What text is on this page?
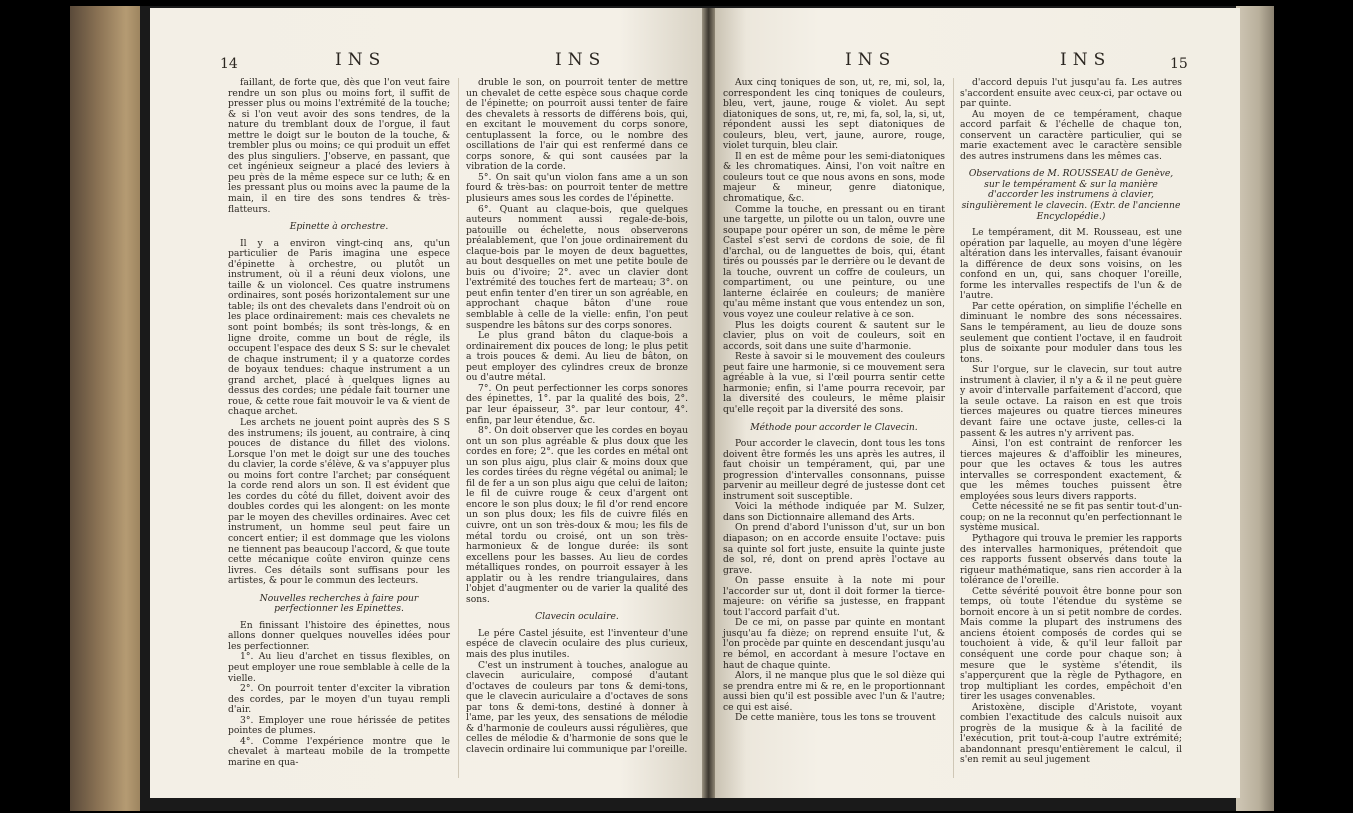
14	INS	INS

faillant, de forte que, dès que l'on veut faire rendre un son plus ou moins fort, il suffit de presser plus ou moins l'extrémité de la touche; & si l'on veut avoir des sons tendres, de la nature du tremblant doux de l'orgue, il faut mettre le doigt sur le bouton de la touche, & trembler plus ou moins; ce qui produit un effet des plus singuliers. J'observe, en passant, que cet ingénieux seigneur a placé des leviers à peu près de la même espece sur ce luth; & en les pressant plus ou moins avec la paume de la main, il en tire des sons tendres & très-flatteurs.

Epinette à orchestre.

Il y a environ vingt-cinq ans, qu'un particulier de Paris imagina une espece d'épinette à orchestre, ou plutôt un instrument, où il a réuni deux violons, une taille & un violoncel. Ces quatre instrumens ordinaires, sont posés horizontalement sur une table; ils ont des chevalets dans l'endroit où on les place ordinairement: mais ces chevalets ne sont point bombés; ils sont très-longs, & en ligne droite, comme un bout de régle, ils occupent l'espace des deux S S: sur le chevalet de chaque instrument; il y a quatorze cordes de boyaux tendues: chaque instrument a un grand archet, placé à quelques lignes au dessus des cordes; une pédale fait tourner une roue, & cette roue fait mouvoir le va & vient de chaque archet.

Les archets ne jouent point auprès des S S des instrumens; ils jouent, au contraire, à cinq pouces de distance du fillet des violons. Lorsque l'on met le doigt sur une des touches du clavier, la corde s'élève, & va s'appuyer plus ou moins fort contre l'archet; par conséquent la corde rend alors un son. Il est évident que les cordes du côté du fillet, doivent avoir des doubles cordes qui les alongent: on les monte par le moyen des chevilles ordinaires. Avec cet instrument, un homme seul peut faire un concert entier; il est dommage que les violons ne tiennent pas beaucoup l'accord, & que toute cette mécanique coûte environ quinze cens livres. Ces détails sont suffisans pour les artistes, & pour le commun des lecteurs.

Nouvelles recherches à faire pour perfectionner les Epinettes.

En finissant l'histoire des épinettes, nous allons donner quelques nouvelles idées pour les perfectionner.

1°. Au lieu d'archet en tissus flexibles, on peut employer une roue semblable à celle de la vielle.

2°. On pourroit tenter d'exciter la vibration des cordes, par le moyen d'un tuyau rempli d'air.

3°. Employer une roue hérissée de petites pointes de plumes.

4°. Comme l'expérience montre que le chevalet à marteau mobile de la trompette marine en qua-

druble le son, on pourroit tenter de mettre un chevalet de cette espèce sous chaque corde de l'épinette; on pourroit aussi tenter de faire des chevalets à ressorts de différens bois, qui, en excitant le mouvement du corps sonore, centuplassent la force, ou le nombre des oscillations de l'air qui est renfermé dans ce corps sonore, & qui sont causées par la vibration de la corde.

5°. On sait qu'un violon fans ame a un son fourd & très-bas: on pourroit tenter de mettre plusieurs ames sous les cordes de l'épinette.

6°. Quant au claque-bois, que quelques auteurs nomment aussi regale-de-bois, patouille ou échelette, nous observerons préalablement, que l'on joue ordinairement du claque-bois par le moyen de deux baguettes, au bout desquelles on met une petite boule de buis ou d'ivoire; 2°. avec un clavier dont l'extrémité des touches fert de marteau; 3°. on peut enfin tenter d'en tirer un son agréable, en approchant chaque bâton d'une roue semblable à celle de la vielle: enfin, l'on peut suspendre les bâtons sur des corps sonores.

Le plus grand bâton du claque-bois a ordinairement dix pouces de long; le plus petit a trois pouces & demi. Au lieu de bâton, on peut employer des cylindres creux de bronze ou d'autre métal.

7°. On peut perfectionner les corps sonores des épinettes, 1°. par la qualité des bois, 2°. par leur épaisseur, 3°. par leur contour, 4°. enfin, par leur étendue, &c.

8°. On doit observer que les cordes en boyau ont un son plus agréable & plus doux que les cordes en fore; 2°. que les cordes en métal ont un son plus aigu, plus clair & moins doux que les cordes tirées du règne végétal ou animal; le fil de fer a un son plus aigu que celui de laiton; le fil de cuivre rouge & ceux d'argent ont encore le son plus doux; le fil d'or rend encore un son plus doux; les fils de cuivre filés en cuivre, ont un son très-doux & mou; les fils de métal tordu ou croisé, ont un son très-harmonieux & de longue durée: ils sont excellens pour les basses. Au lieu de cordes métalliques rondes, on pourroit essayer à les applatir ou à les rendre triangulaires, dans l'objet d'augmenter ou de varier la qualité des sons.

Clavecin oculaire.

Le pére Castel jésuite, est l'inventeur d'une espéce de clavecin oculaire des plus curieux, mais des plus inutiles.

C'est un instrument à touches, analogue au clavecin auriculaire, composé d'autant d'octaves de couleurs par tons & demi-tons, que le clavecin auriculaire a d'octaves de sons par tons & demi-tons, destiné à donner à l'ame, par les yeux, des sensations de mélodie & d'harmonie de couleurs aussi régulières, que celles de mélodie & d'harmonie de sons que le clavecin ordinaire lui communique par l'oreille.

INS	INS	15

Aux cinq toniques de son, ut, re, mi, sol, la, correspondent les cinq toniques de couleurs, bleu, vert, jaune, rouge & violet. Au sept diatoniques de sons, ut, re, mi, fa, sol, la, si, ut, répondent aussi les sept diatoniques de couleurs, bleu, vert, jaune, aurore, rouge, violet turquin, bleu clair.

Il en est de même pour les semi-diatoniques & les chromatiques. Ainsi, l'on voit naître en couleurs tout ce que nous avons en sons, mode majeur & mineur, genre diatonique, chromatique, &c.

Comme la touche, en pressant ou en tirant une targette, un pilotte ou un talon, ouvre une soupape pour opérer un son, de même le père Castel s'est servi de cordons de soie, de fil d'archal, ou de languettes de bois, qui, étant tirés ou poussés par le derrière ou le devant de la touche, ouvrent un coffre de couleurs, un compartiment, ou une peinture, ou une lanterne éclairée en couleurs; de manière qu'au même instant que vous entendez un son, vous voyez une couleur relative à ce son.

Plus les doigts courent & sautent sur le clavier, plus on voit de couleurs, soit en accords, soit dans une suite d'harmonie.

Reste à savoir si le mouvement des couleurs peut faire une harmonie, si ce mouvement sera agréable à la vue, si l'œil pourra sentir cette harmonie; enfin, si l'ame pourra recevoir, par la diversité des couleurs, le même plaisir qu'elle reçoit par la diversité des sons.

Méthode pour accorder le Clavecin.

Pour accorder le clavecin, dont tous les tons doivent être formés les uns après les autres, il faut choisir un tempérament, qui, par une progression d'intervalles consonnans, puisse parvenir au meilleur degré de justesse dont cet instrument soit susceptible.

Voici la méthode indiquée par M. Sulzer, dans son Dictionnaire allemand des Arts.

On prend d'abord l'unisson d'ut, sur un bon diapason; on en accorde ensuite l'octave: puis sa quinte sol fort juste, ensuite la quinte juste de sol, ré, dont on prend après l'octave au grave.

On passe ensuite à la note mi pour l'accorder sur ut, dont il doit former la tierce-majeure: on vérifie sa justesse, en frappant tout l'accord parfait d'ut.

De ce mi, on passe par quinte en montant jusqu'au fa dièze; on reprend ensuite l'ut, & l'on procède par quinte en descendant jusqu'au re bémol, en accordant à mesure l'octave en haut de chaque quinte.

Alors, il ne manque plus que le sol dièze qui se prendra entre mi & re, en le proportionnant aussi bien qu'il est possible avec l'un & l'autre; ce qui est aisé.

De cette manière, tous les tons se trouvent

d'accord depuis l'ut jusqu'au fa. Les autres s'accordent ensuite avec ceux-ci, par octave ou par quinte.

Au moyen de ce tempérament, chaque accord parfait & l'échelle de chaque ton, conservent un caractère particulier, qui se marie exactement avec le caractère sensible des autres instrumens dans les mêmes cas.

Observations de M. ROUSSEAU de Genève, sur le tempérament & sur la manière d'accorder les instrumens à clavier, singulièrement le clavecin. (Extr. de l'ancienne Encyclopédie.)

Le tempérament, dit M. Rousseau, est une opération par laquelle, au moyen d'une légère altération dans les intervalles, faisant évanouir la différence de deux sons voisins, on les confond en un, qui, sans choquer l'oreille, forme les intervalles respectifs de l'un & de l'autre.

Par cette opération, on simplifie l'échelle en diminuant le nombre des sons nécessaires. Sans le tempérament, au lieu de douze sons seulement que contient l'octave, il en faudroit plus de soixante pour moduler dans tous les tons.

Sur l'orgue, sur le clavecin, sur tout autre instrument à clavier, il n'y a & il ne peut guère y avoir d'intervalle parfaitement d'accord, que la seule octave. La raison en est que trois tierces majeures ou quatre tierces mineures devant faire une octave juste, celles-ci la passent & les autres n'y arrivent pas.

Ainsi, l'on est contraint de renforcer les tierces majeures & d'affoiblir les mineures, pour que les octaves & tous les autres intervalles se correspondent exactement, & que les mêmes touches puissent être employées sous leurs divers rapports.

Cette nécessité ne se fit pas sentir tout-d'un-coup; on ne la reconnut qu'en perfectionnant le système musical.

Pythagore qui trouva le premier les rapports des intervalles harmoniques, prétendoit que ces rapports fussent observés dans toute la rigueur mathématique, sans rien accorder à la tolérance de l'oreille.

Cette sévérité pouvoit être bonne pour son temps, où toute l'étendue du système se bornoit encore à un si petit nombre de cordes. Mais comme la plupart des instrumens des anciens étoient composés de cordes qui se touchoient à vide, & qu'il leur falloit par conséquent une corde pour chaque son; à mesure que le système s'étendit, ils s'apperçurent que la règle de Pythagore, en trop multipliant les cordes, empêchoit d'en tirer les usages convenables.

Aristoxène, disciple d'Aristote, voyant combien l'exactitude des calculs nuisoit aux progrès de la musique & à la facilité de l'exécution, prit tout-à-coup l'autre extrémité; abandonnant presqu'entièrement le calcul, il s'en remit au seul jugement
